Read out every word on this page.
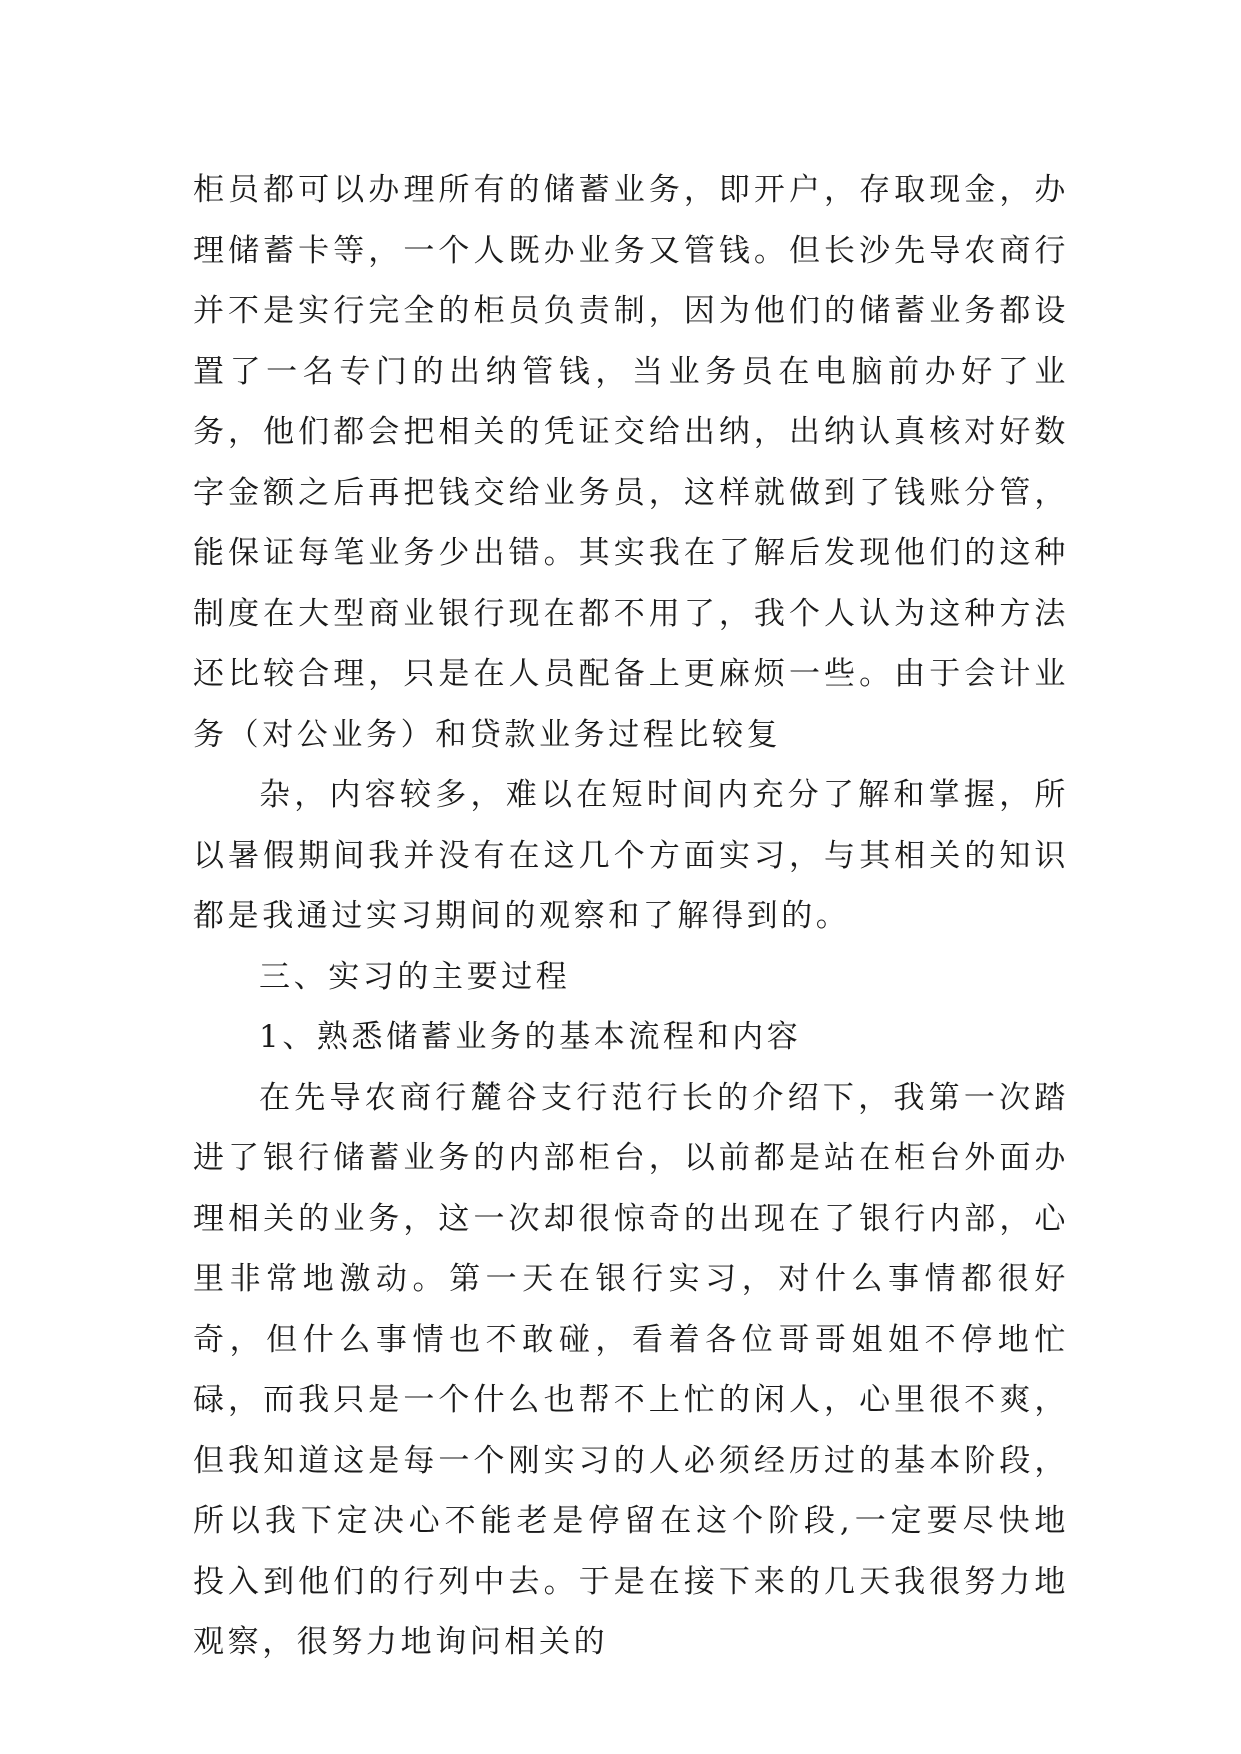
柜员都可以办理所有的储蓄业务，即开户，存取现金，办理储蓄卡等，一个人既办业务又管钱。但长沙先导农商行并不是实行完全的柜员负责制，因为他们的储蓄业务都设置了一名专门的出纳管钱，当业务员在电脑前办好了业务，他们都会把相关的凭证交给出纳，出纳认真核对好数字金额之后再把钱交给业务员，这样就做到了钱账分管，能保证每笔业务少出错。其实我在了解后发现他们的这种制度在大型商业银行现在都不用了，我个人认为这种方法还比较合理，只是在人员配备上更麻烦一些。由于会计业务（对公业务）和贷款业务过程比较复

杂，内容较多，难以在短时间内充分了解和掌握，所以暑假期间我并没有在这几个方面实习，与其相关的知识都是我通过实习期间的观察和了解得到的。

三、实习的主要过程

1、熟悉储蓄业务的基本流程和内容

在先导农商行麓谷支行范行长的介绍下，我第一次踏进了银行储蓄业务的内部柜台，以前都是站在柜台外面办理相关的业务，这一次却很惊奇的出现在了银行内部，心里非常地激动。第一天在银行实习，对什么事情都很好奇，但什么事情也不敢碰，看着各位哥哥姐姐不停地忙碌，而我只是一个什么也帮不上忙的闲人，心里很不爽，但我知道这是每一个刚实习的人必须经历过的基本阶段，所以我下定决心不能老是停留在这个阶段,一定要尽快地投入到他们的行列中去。于是在接下来的几天我很努力地观察，很努力地询问相关的
